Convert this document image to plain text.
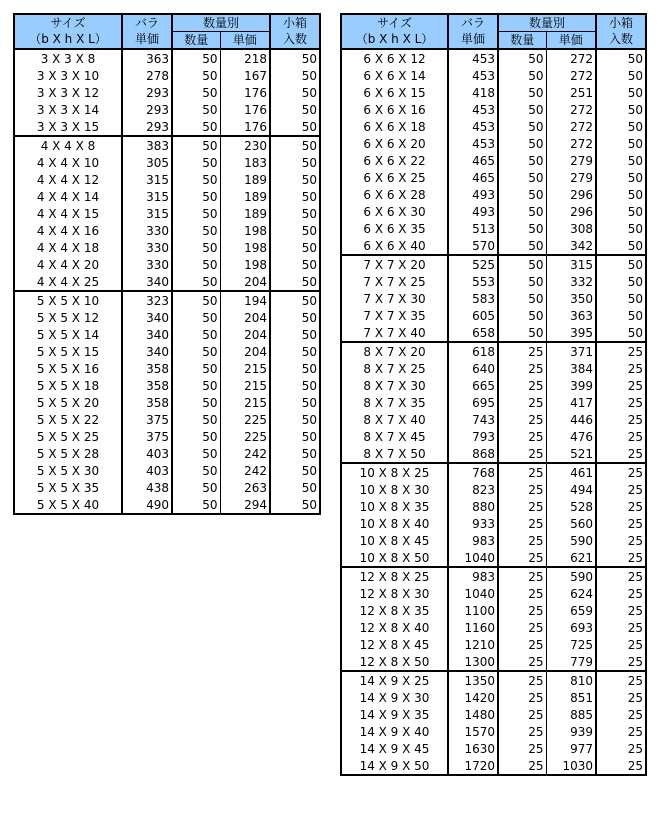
サイズ	バラ	数量別		小箱
（b X h X L）	単価	数量	単価	入数
3 X 3 X 8	363	50	218	50
3 X 3 X 10	278	50	167	50
3 X 3 X 12	293	50	176	50
3 X 3 X 14	293	50	176	50
3 X 3 X 15	293	50	176	50
4 X 4 X 8	383	50	230	50
4 X 4 X 10	305	50	183	50
4 X 4 X 12	315	50	189	50
4 X 4 X 14	315	50	189	50
4 X 4 X 15	315	50	189	50
4 X 4 X 16	330	50	198	50
4 X 4 X 18	330	50	198	50
4 X 4 X 20	330	50	198	50
4 X 4 X 25	340	50	204	50
5 X 5 X 10	323	50	194	50
5 X 5 X 12	340	50	204	50
5 X 5 X 14	340	50	204	50
5 X 5 X 15	340	50	204	50
5 X 5 X 16	358	50	215	50
5 X 5 X 18	358	50	215	50
5 X 5 X 20	358	50	215	50
5 X 5 X 22	375	50	225	50
5 X 5 X 25	375	50	225	50
5 X 5 X 28	403	50	242	50
5 X 5 X 30	403	50	242	50
5 X 5 X 35	438	50	263	50
5 X 5 X 40	490	50	294	50
サイズ	バラ	数量別		小箱
（b X h X L）	単価	数量	単価	入数
6 X 6 X 12	453	50	272	50
6 X 6 X 14	453	50	272	50
6 X 6 X 15	418	50	251	50
6 X 6 X 16	453	50	272	50
6 X 6 X 18	453	50	272	50
6 X 6 X 20	453	50	272	50
6 X 6 X 22	465	50	279	50
6 X 6 X 25	465	50	279	50
6 X 6 X 28	493	50	296	50
6 X 6 X 30	493	50	296	50
6 X 6 X 35	513	50	308	50
6 X 6 X 40	570	50	342	50
7 X 7 X 20	525	50	315	50
7 X 7 X 25	553	50	332	50
7 X 7 X 30	583	50	350	50
7 X 7 X 35	605	50	363	50
7 X 7 X 40	658	50	395	50
8 X 7 X 20	618	25	371	25
8 X 7 X 25	640	25	384	25
8 X 7 X 30	665	25	399	25
8 X 7 X 35	695	25	417	25
8 X 7 X 40	743	25	446	25
8 X 7 X 45	793	25	476	25
8 X 7 X 50	868	25	521	25
10 X 8 X 25	768	25	461	25
10 X 8 X 30	823	25	494	25
10 X 8 X 35	880	25	528	25
10 X 8 X 40	933	25	560	25
10 X 8 X 45	983	25	590	25
10 X 8 X 50	1040	25	621	25
12 X 8 X 25	983	25	590	25
12 X 8 X 30	1040	25	624	25
12 X 8 X 35	1100	25	659	25
12 X 8 X 40	1160	25	693	25
12 X 8 X 45	1210	25	725	25
12 X 8 X 50	1300	25	779	25
14 X 9 X 25	1350	25	810	25
14 X 9 X 30	1420	25	851	25
14 X 9 X 35	1480	25	885	25
14 X 9 X 40	1570	25	939	25
14 X 9 X 45	1630	25	977	25
14 X 9 X 50	1720	25	1030	25
